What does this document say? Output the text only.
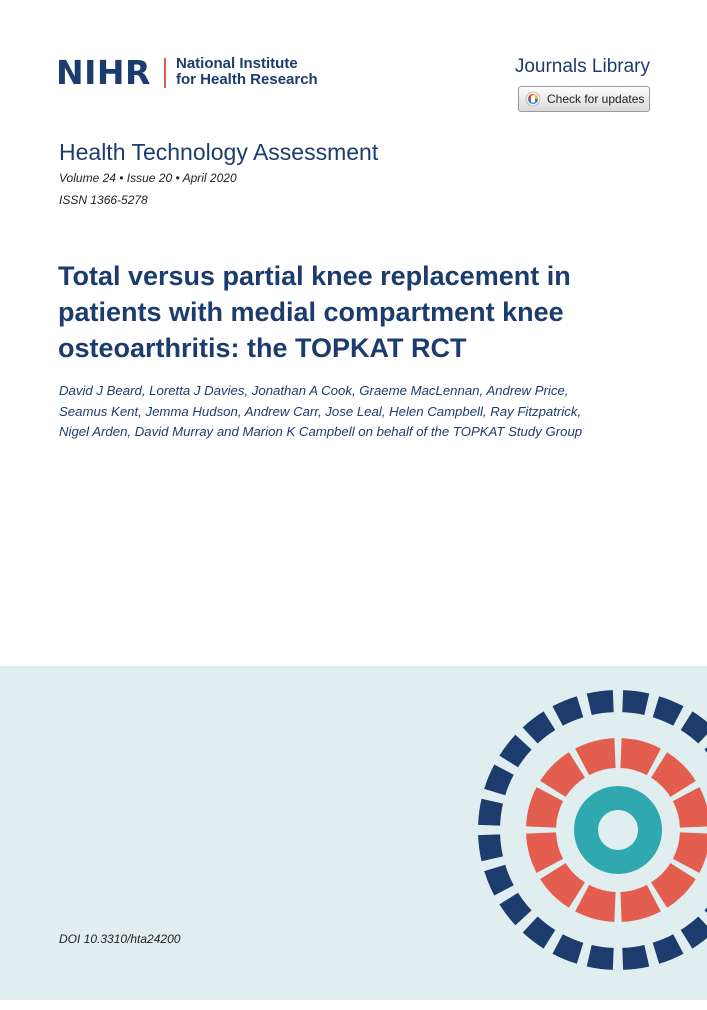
NIHR National Institute
for Health Research
Journals Library
Check for updates
Health Technology Assessment
Volume 24 • Issue 20 • April 2020
ISSN 1366-5278
Total versus partial knee replacement in patients with medial compartment knee osteoarthritis: the TOPKAT RCT
David J Beard, Loretta J Davies, Jonathan A Cook, Graeme MacLennan, Andrew Price, Seamus Kent, Jemma Hudson, Andrew Carr, Jose Leal, Helen Campbell, Ray Fitzpatrick, Nigel Arden, David Murray and Marion K Campbell on behalf of the TOPKAT Study Group
DOI 10.3310/hta24200
